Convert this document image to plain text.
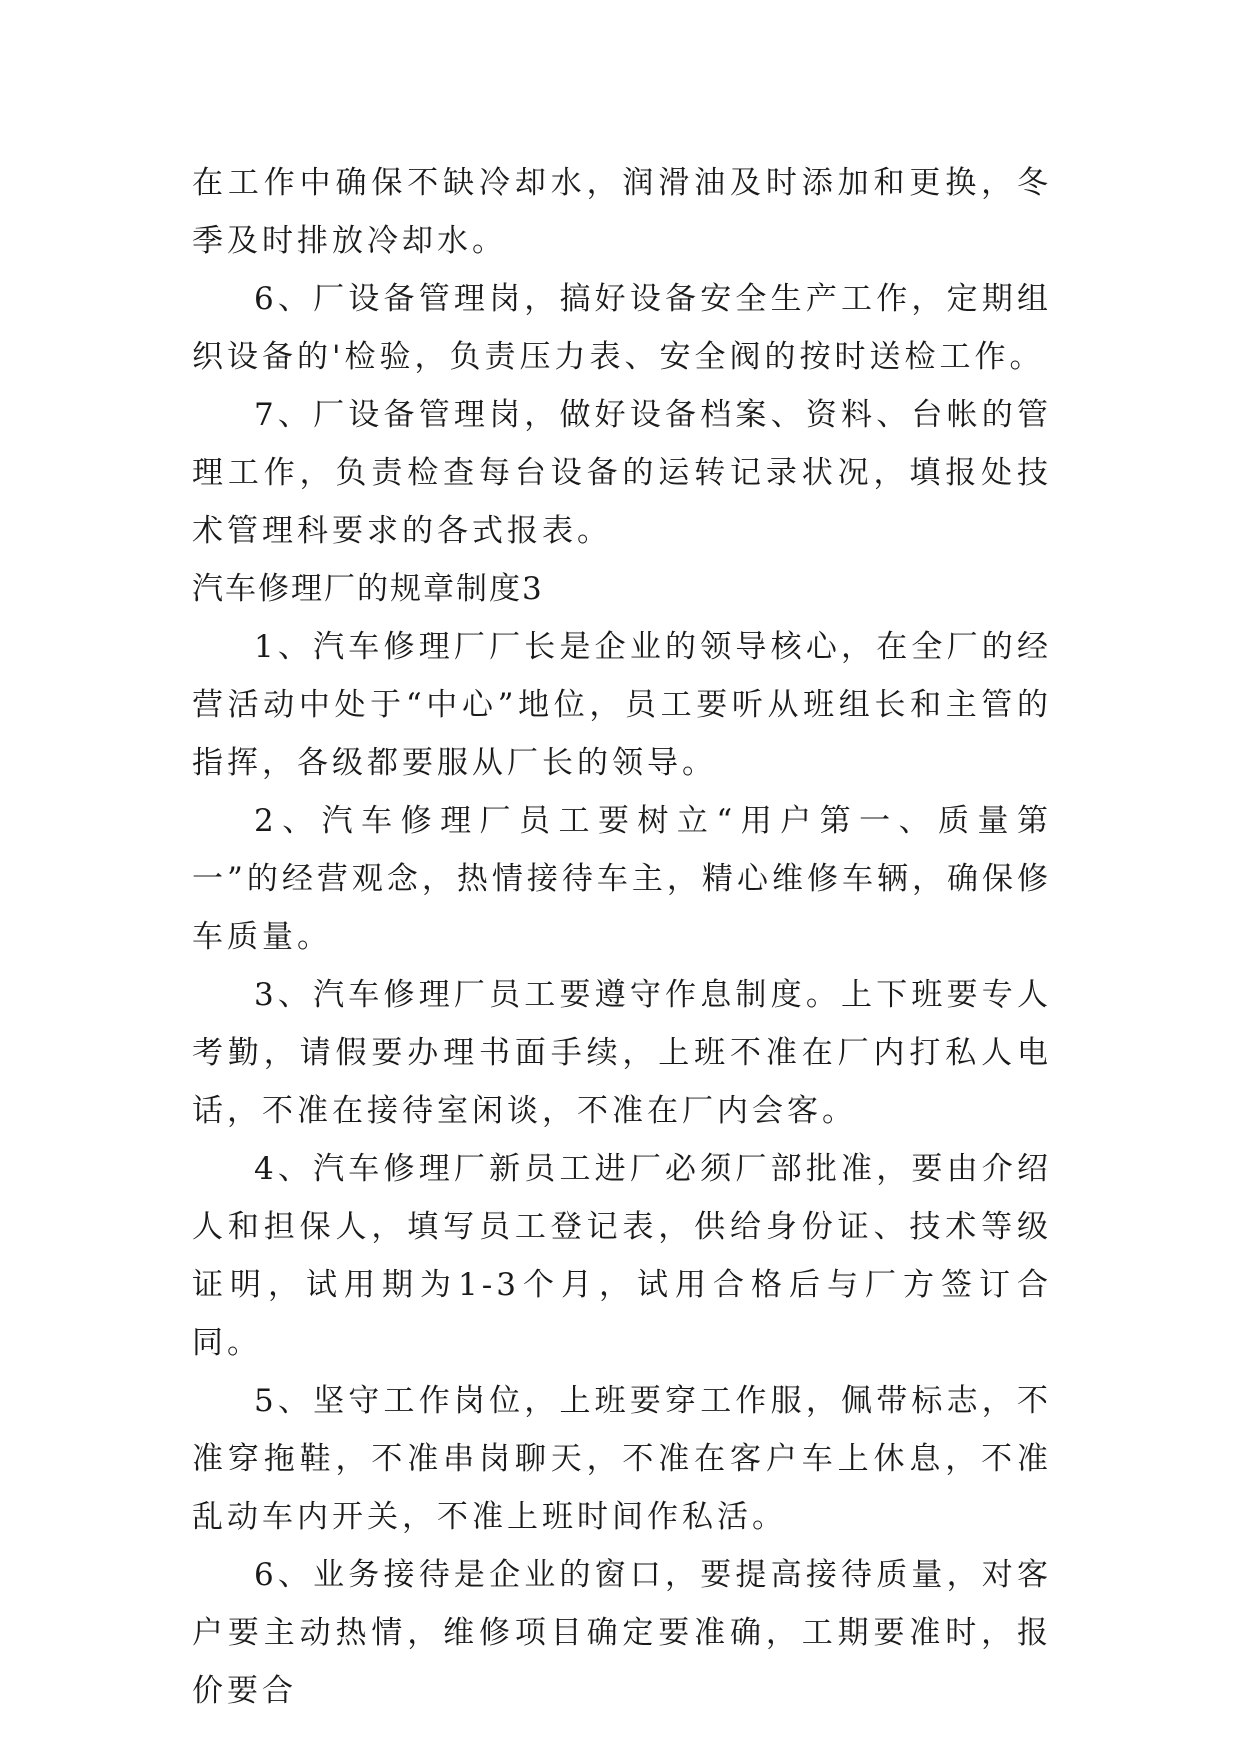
在工作中确保不缺冷却水，润滑油及时添加和更换，冬季及时排放冷却水。

6、厂设备管理岗，搞好设备安全生产工作，定期组织设备的'检验，负责压力表、安全阀的按时送检工作。

7、厂设备管理岗，做好设备档案、资料、台帐的管理工作，负责检查每台设备的运转记录状况，填报处技术管理科要求的各式报表。

汽车修理厂的规章制度3

1、汽车修理厂厂长是企业的领导核心，在全厂的经营活动中处于“中心”地位，员工要听从班组长和主管的指挥，各级都要服从厂长的领导。

2、汽车修理厂员工要树立“用户第一、质量第一”的经营观念，热情接待车主，精心维修车辆，确保修车质量。

3、汽车修理厂员工要遵守作息制度。上下班要专人考勤，请假要办理书面手续，上班不准在厂内打私人电话，不准在接待室闲谈，不准在厂内会客。

4、汽车修理厂新员工进厂必须厂部批准，要由介绍人和担保人，填写员工登记表，供给身份证、技术等级证明，试用期为1-3个月，试用合格后与厂方签订合同。

5、坚守工作岗位，上班要穿工作服，佩带标志，不准穿拖鞋，不准串岗聊天，不准在客户车上休息，不准乱动车内开关，不准上班时间作私活。

6、业务接待是企业的窗口，要提高接待质量，对客户要主动热情，维修项目确定要准确，工期要准时，报价要合
